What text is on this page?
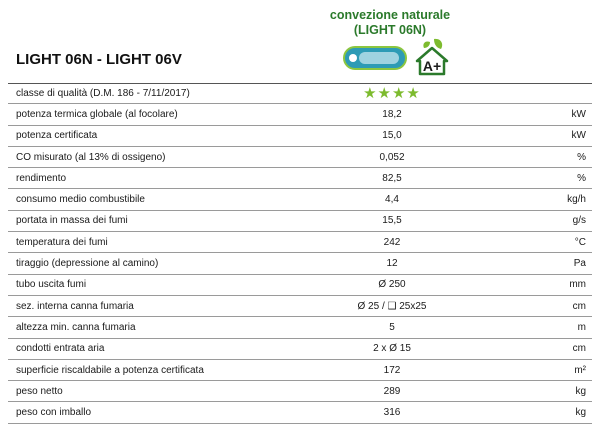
convezione naturale
(LIGHT 06N)
A+
LIGHT 06N - LIGHT 06V
classe di qualità (D.M. 186 - 7/11/2017)	★★★★
potenza termica globale (al focolare)	18,2	kW
potenza certificata	15,0	kW
CO misurato (al 13% di ossigeno)	0,052	%
rendimento	82,5	%
consumo medio combustibile	4,4	kg/h
portata in massa dei fumi	15,5	g/s
temperatura dei fumi	242	°C
tiraggio (depressione al camino)	12	Pa
tubo uscita fumi	Ø 250	mm
sez. interna canna fumaria	Ø 25 / ❑ 25x25	cm
altezza min. canna fumaria	5	m
condotti entrata aria	2 x Ø 15	cm
superficie riscaldabile a potenza certificata	172	m²
peso netto	289	kg
peso con imballo	316	kg
